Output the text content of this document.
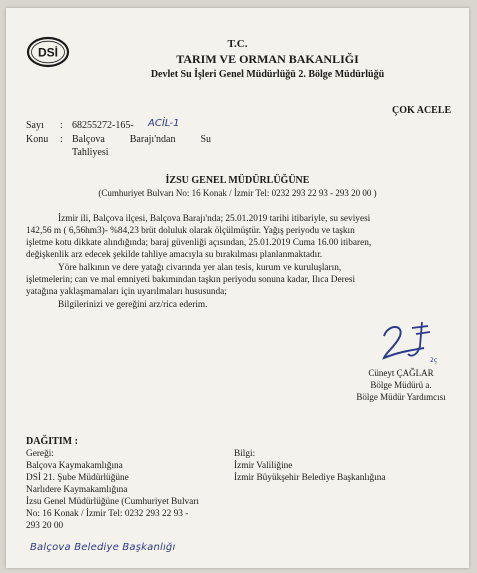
DSİ
T.C.
TARIM VE ORMAN BAKANLIĞI
Devlet Su İşleri Genel Müdürlüğü 2. Bölge Müdürlüğü
ÇOK ACELE
Sayı : 68255272-165- ACİL-1
Konu : Balçova          Barajı'ndan          Su
Tahliyesi
İZSU GENEL MÜDÜRLÜĞÜNE
(Cumhuriyet Bulvarı No: 16 Konak / İzmir Tel: 0232 293 22 93 - 293 20 00 )
İzmir ili, Balçova ilçesi, Balçova Barajı'nda; 25.01.2019 tarihi itibariyle, su seviyesi
142,56 m ( 6,56hm3)- %84,23 brüt doluluk olarak ölçülmüştür. Yağış periyodu ve taşkın
işletme kotu dikkate alındığında; baraj güvenliği açısından, 25.01.2019 Cuma 16.00 itibaren,
değişkenlik arz edecek şekilde tahliye amacıyla su bırakılması planlanmaktadır.
Yöre halkının ve dere yatağı civarında yer alan tesis, kurum ve kuruluşların,
işletmelerin; can ve mal emniyeti bakımından taşkın periyodu sonuna kadar, Ilıca Deresi
yatağına yaklaşmamaları için uyarılmaları hususunda;
Bilgilerinizi ve gereğini arz/rica ederim.
2ç
Cüneyt ÇAĞLAR
Bölge Müdürü a.
Bölge Müdür Yardımcısı
DAĞITIM :
Gereği:
Balçova Kaymakamlığına
DSİ 21. Şube Müdürlüğüne
Narlıdere Kaymakamlığına
İzsu Genel Müdürlüğüne (Cumhuriyet Bulvarı
No: 16 Konak / İzmir Tel: 0232 293 22 93 -
293 20 00
Bilgi:
İzmir Valiliğine
İzmir Büyükşehir Belediye Başkanlığına
Balçova Belediye Başkanlığı
